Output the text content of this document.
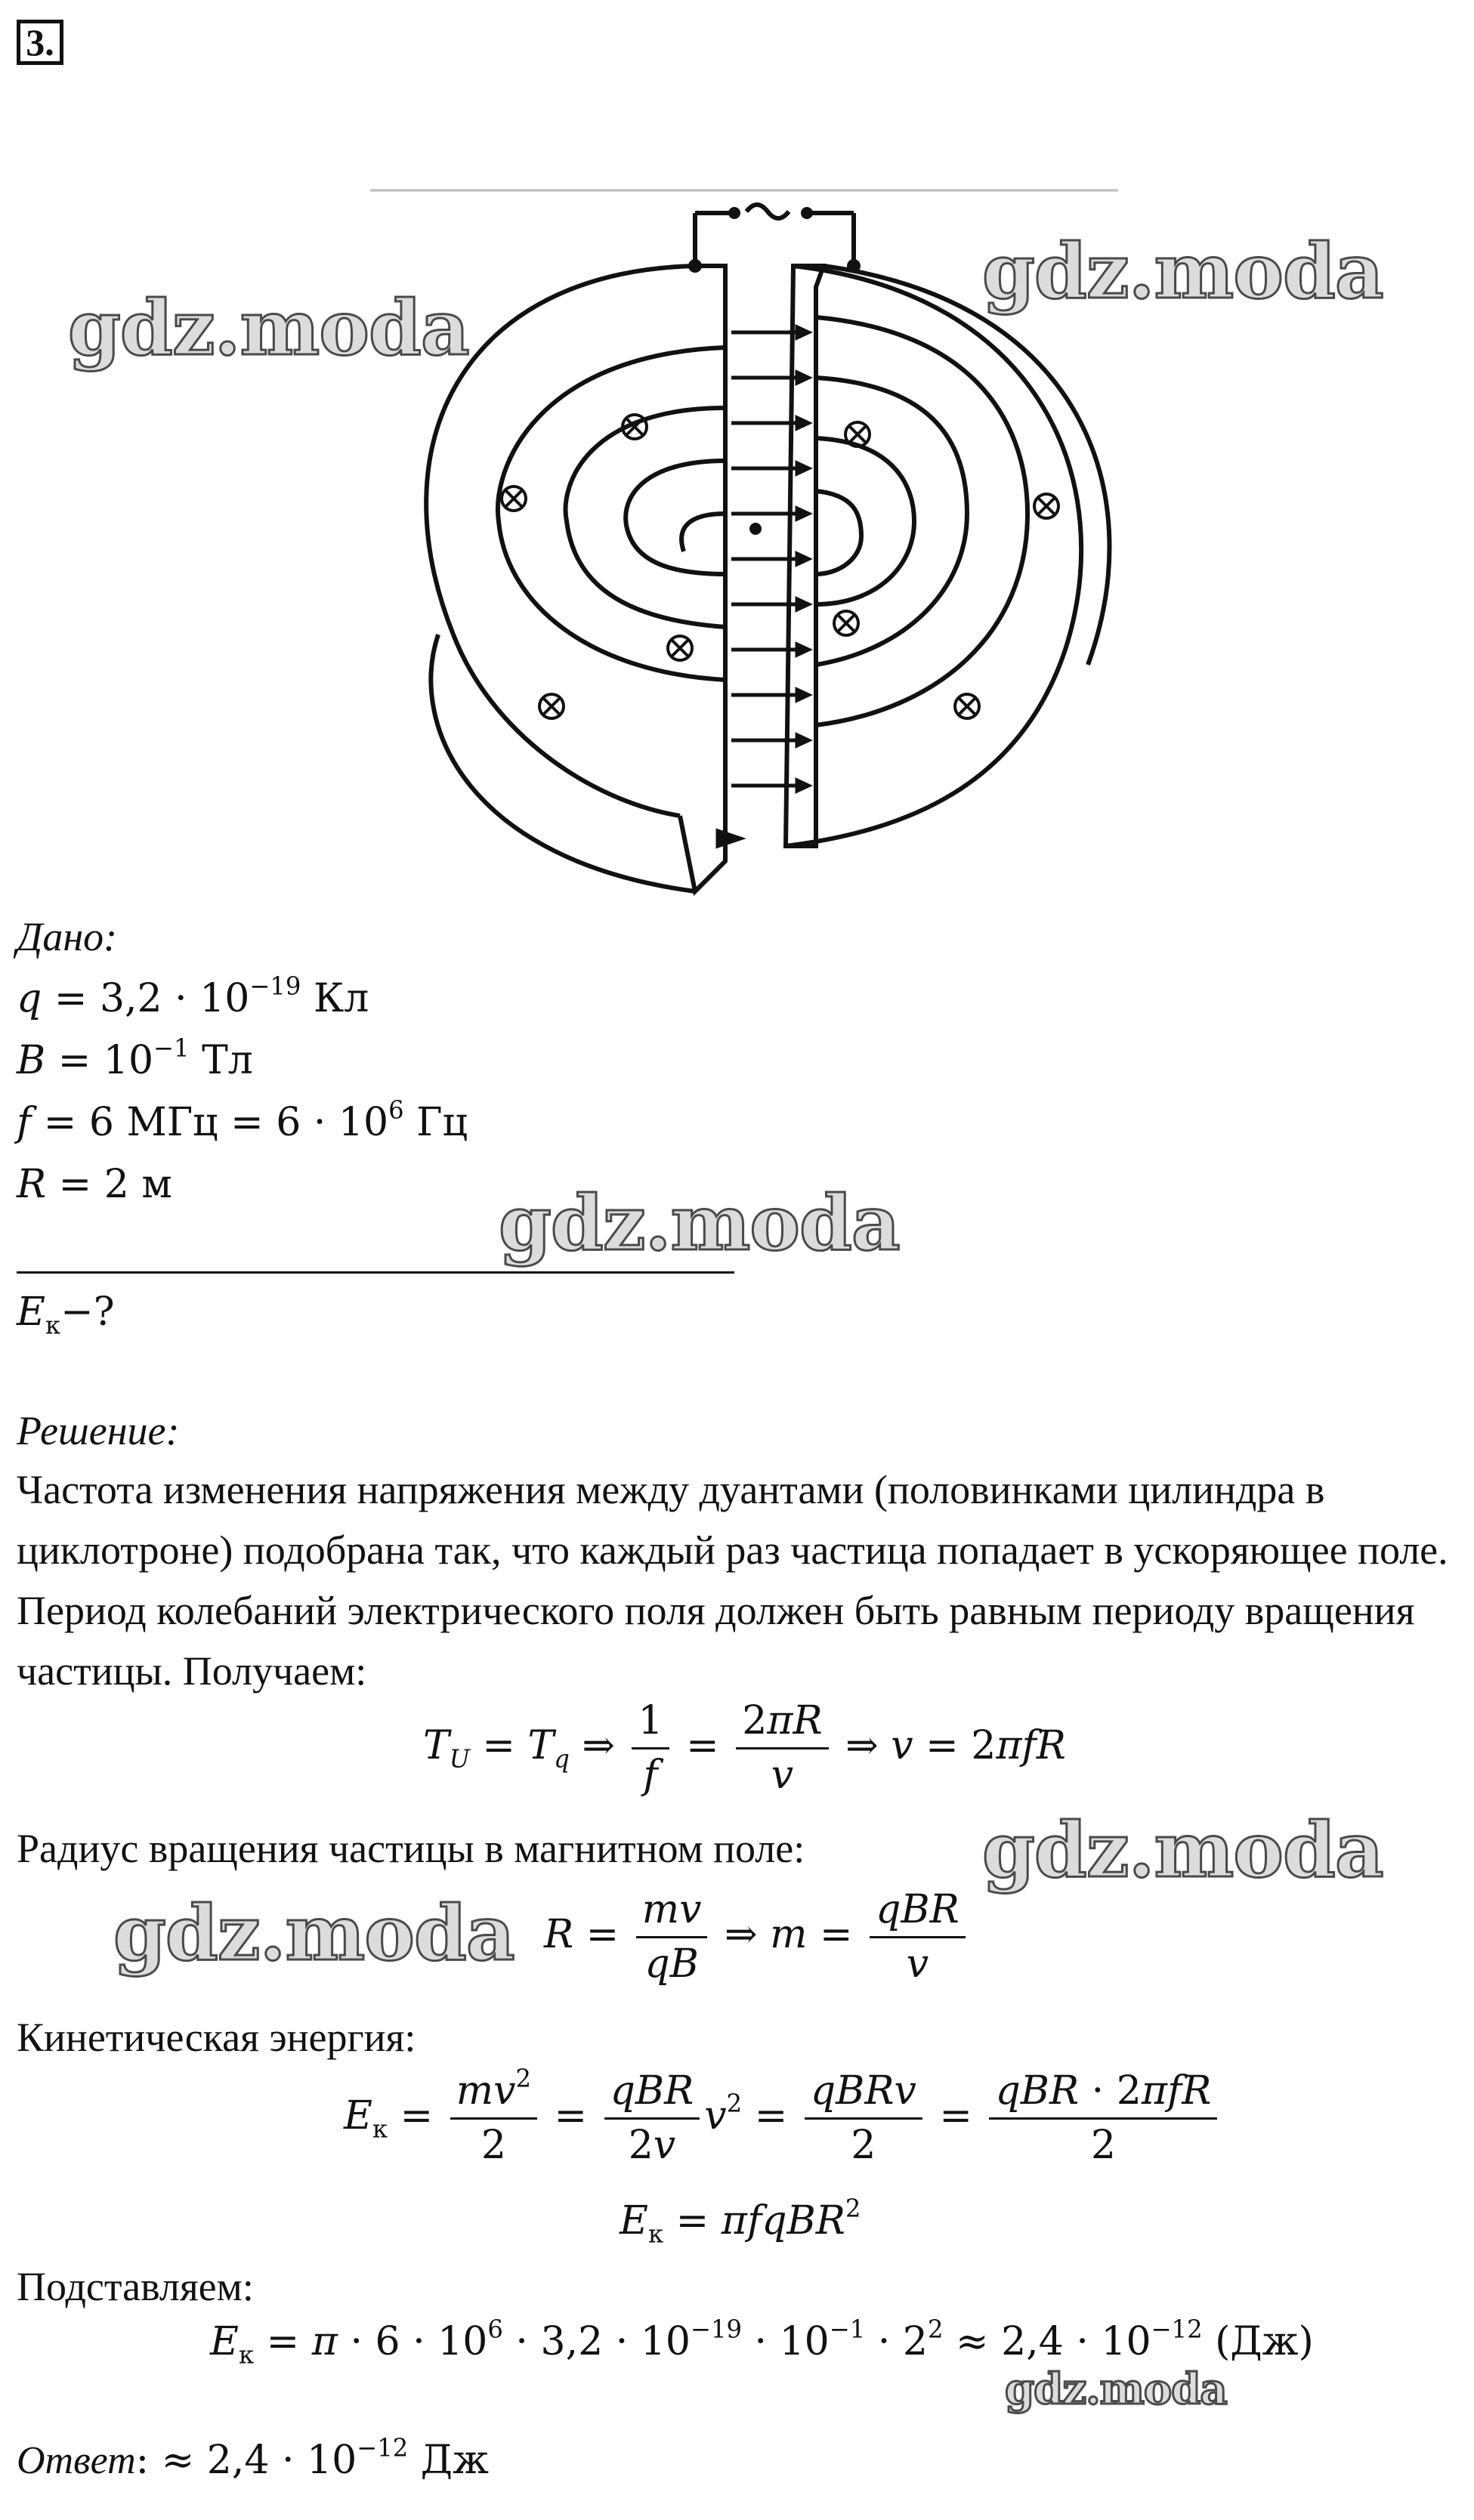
3.
gdz.moda
gdz.moda
gdz.moda
gdz.moda
gdz.moda
gdz.moda
Дано:
$q = 3,2 \cdot 10^{-19}$ Кл
$B = 10^{-1}$ Тл
f = 6 МГц = $6 \cdot 10^6$ Гц
R = 2 м
$E_к-$?
Решение:
Частота изменения напряжения между дуантами (половинками цилиндра в циклотроне) подобрана так, что каждый раз частица попадает в ускоряющее поле. Период колебаний электрического поля должен быть равным периоду вращения частицы. Получаем:
$T_U = T_q$ ⇒ $\frac{1}{f} = \frac{2\pi R}{v}$ ⇒ v = 2πfR
Радиус вращения частицы в магнитном поле:
$R = \frac{mv}{qB}$ ⇒ $m = \frac{\text{qBR}}{v}$
Кинетическая энергия:
$E_к = \frac{mv^2}{2} = \frac{\text{qBR}}{2v} v^2 = \frac{\text{qBRv}}{2} = \frac{\text{qBR · 2πfR}}{2}$
$E_к$ = πfqBR$^2$
Подставляем:
$E_к = \pi \cdot 6 \cdot 10^6 \cdot 3,2 \cdot 10^{-19} \cdot 10^{-1} \cdot 2^2 \approx 2,4 \cdot 10^{-12}$ (Дж)
Ответ: ≈ $2,4 \cdot 10^{-12}$ Дж
